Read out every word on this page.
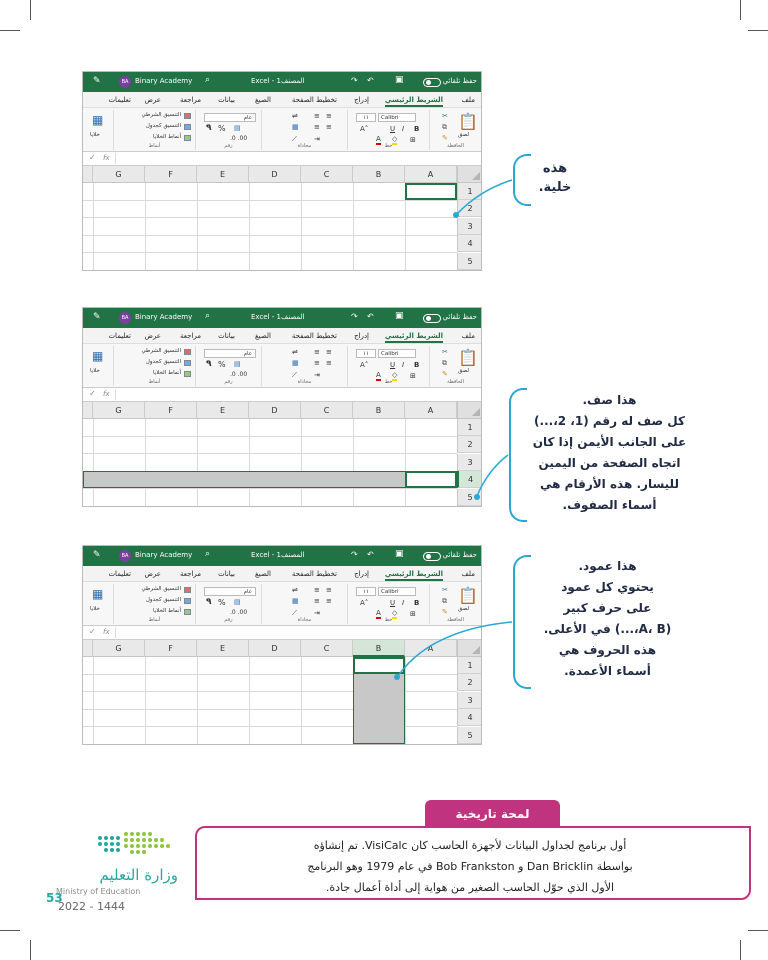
✎	BA Binary Academy ⌕	Excel - المصنف1	↷ ↶ ▣	حفظ تلقائي
ملف
الشريط الرئيسي
إدراج
تخطيط الصفحة
الصيغ
بيانات
مراجعة
عرض
تعليمات
📋
لصق
✂
⧉
✎
الحافظة
Calibri
١١
B
I
U
A˄
A ◇ ⊞
خط
≡ ≡
≡ ≡
⇌
▦
⟋ ⇥
محاذاة
عام
٩ % ▤
.0 .00
رقم
التنسيق الشرطي
التنسيق كجدول
أنماط الخلايا
أنماط
▦
خلايا
✓ fx
A
B
C
D
E
F
G
1
2
3
4
5
✎	BA Binary Academy ⌕	Excel - المصنف1	↷ ↶ ▣	حفظ تلقائي
ملف
الشريط الرئيسي
إدراج
تخطيط الصفحة
الصيغ
بيانات
مراجعة
عرض
تعليمات
📋
لصق
✂
⧉
✎
الحافظة
Calibri
١١
B
I
U
A˄
A ◇ ⊞
خط
≡ ≡
≡ ≡
⇌
▦
⟋ ⇥
محاذاة
عام
٩ % ▤
.0 .00
رقم
التنسيق الشرطي
التنسيق كجدول
أنماط الخلايا
أنماط
▦
خلايا
✓ fx
A
B
C
D
E
F
G
1
2
3
4
5
✎	BA Binary Academy ⌕	Excel - المصنف1	↷ ↶ ▣	حفظ تلقائي
ملف
الشريط الرئيسي
إدراج
تخطيط الصفحة
الصيغ
بيانات
مراجعة
عرض
تعليمات
📋
لصق
✂
⧉
✎
الحافظة
Calibri
١١
B
I
U
A˄
A ◇ ⊞
خط
≡ ≡
≡ ≡
⇌
▦
⟋ ⇥
محاذاة
عام
٩ % ▤
.0 .00
رقم
التنسيق الشرطي
التنسيق كجدول
أنماط الخلايا
أنماط
▦
خلايا
✓ fx
A
B
C
D
E
F
G
1
2
3
4
5
هذه
خلية.
هذا صف.
كل صف له رقم (1، 2،...)
على الجانب الأيمن إذا كان
اتجاه الصفحة من اليمين
لليسار. هذه الأرقام هي
أسماء الصفوف.
هذا عمود.
يحتوي كل عمود
على حرف كبير
(A، B،...) في الأعلى.
هذه الحروف هي
أسماء الأعمدة.
لمحة تاريخية
أول برنامج لجداول البيانات لأجهزة الحاسب كان VisiCalc. تم إنشاؤه
بواسطة Dan Bricklin و Bob Frankston في عام 1979 وهو البرنامج
الأول الذي حوّل الحاسب الصغير من هواية إلى أداة أعمال جادة.
وزارة التعليم
Ministry of Education
53
2022 - 1444
